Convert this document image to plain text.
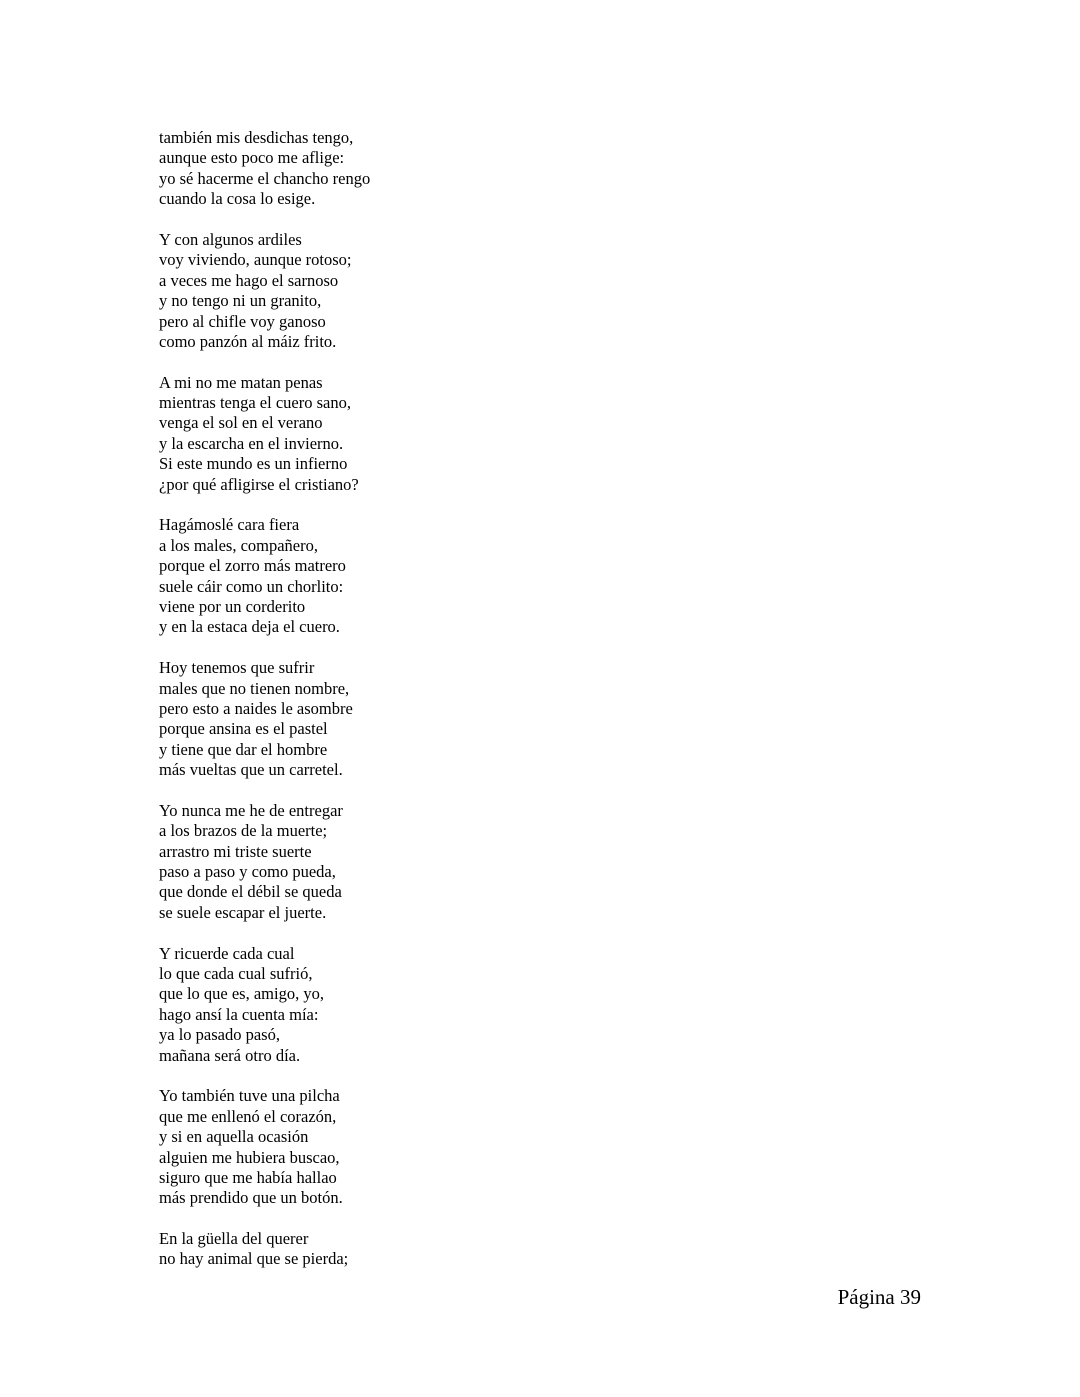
también mis desdichas tengo,
aunque esto poco me aflige:
yo sé hacerme el chancho rengo
cuando la cosa lo esige.
Y con algunos ardiles
voy viviendo, aunque rotoso;
a veces me hago el sarnoso
y no tengo ni un granito,
pero al chifle voy ganoso
como panzón al máiz frito.
A mi no me matan penas
mientras tenga el cuero sano,
venga el sol en el verano
y la escarcha en el invierno.
Si este mundo es un infierno
¿por qué afligirse el cristiano?
Hagámoslé cara fiera
a los males, compañero,
porque el zorro más matrero
suele cáir como un chorlito:
viene por un corderito
y en la estaca deja el cuero.
Hoy tenemos que sufrir
males que no tienen nombre,
pero esto a naides le asombre
porque ansina es el pastel
y tiene que dar el hombre
más vueltas que un carretel.
Yo nunca me he de entregar
a los brazos de la muerte;
arrastro mi triste suerte
paso a paso y como pueda,
que donde el débil se queda
se suele escapar el juerte.
Y ricuerde cada cual
lo que cada cual sufrió,
que lo que es, amigo, yo,
hago ansí la cuenta mía:
ya lo pasado pasó,
mañana será otro día.
Yo también tuve una pilcha
que me enllenó el corazón,
y si en aquella ocasión
alguien me hubiera buscao,
siguro que me había hallao
más prendido que un botón.
En la güella del querer
no hay animal que se pierda;
Página 39
